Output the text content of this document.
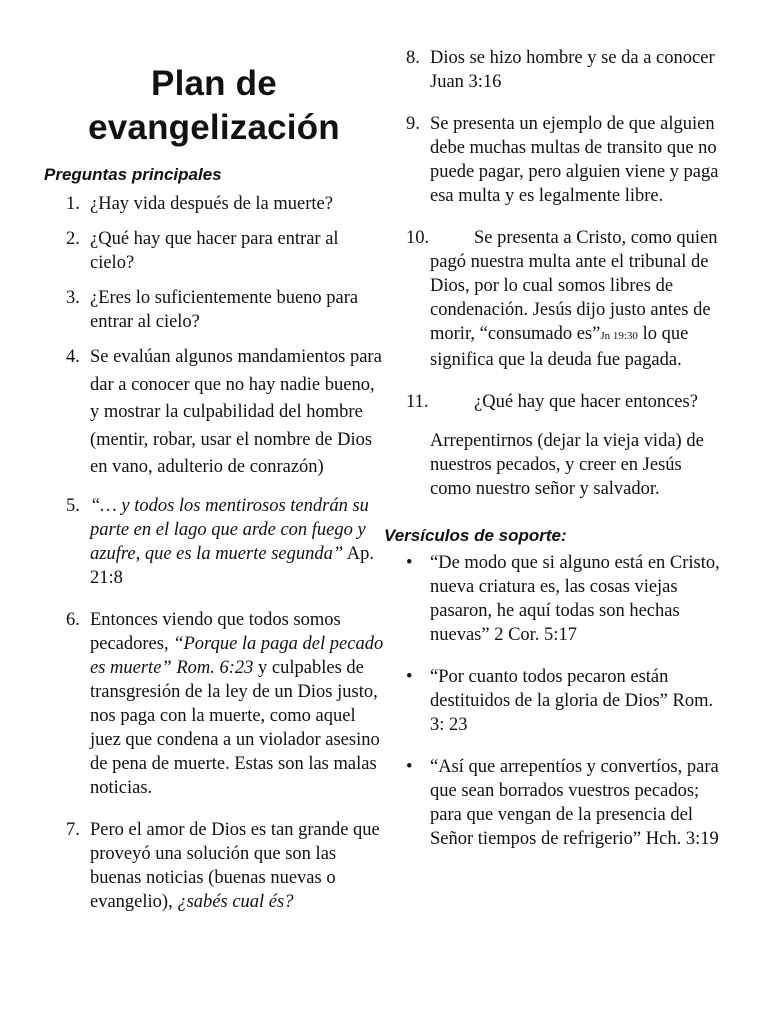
Plan de
evangelización
Preguntas principales
1. ¿Hay vida después de la muerte?
2. ¿Qué hay que hacer para entrar al cielo?
3. ¿Eres lo suficientemente bueno para entrar al cielo?
4. Se evalúan algunos mandamientos para dar a conocer que no hay nadie bueno, y mostrar la culpabilidad del hombre (mentir, robar, usar el nombre de Dios en vano, adulterio de conrazón)
5. “… y todos los mentirosos tendrán su parte en el lago que arde con fuego y azufre, que es la muerte segunda” Ap. 21:8
6. Entonces viendo que todos somos pecadores, “Porque la paga del pecado es muerte” Rom. 6:23 y culpables de transgresión de la ley de un Dios justo, nos paga con la muerte, como aquel juez que condena a un violador asesino de pena de muerte. Estas son las malas noticias.
7. Pero el amor de Dios es tan grande que proveyó una solución que son las buenas noticias (buenas nuevas o evangelio), ¿sabés cual és?
8. Dios se hizo hombre y se da a conocer Juan 3:16
9. Se presenta un ejemplo de que alguien debe muchas multas de transito que no puede pagar, pero alguien viene y paga esa multa y es legalmente libre.
10. Se presenta a Cristo, como quien pagó nuestra multa ante el tribunal de Dios, por lo cual somos libres de condenación. Jesús dijo justo antes de morir, “consumado es”Jn 19:30 lo que significa que la deuda fue pagada.
11. ¿Qué hay que hacer entonces?
Arrepentirnos (dejar la vieja vida) de nuestros pecados, y creer en Jesús como nuestro señor y salvador.
Versículos de soporte:
• “De modo que si alguno está en Cristo, nueva criatura es, las cosas viejas pasaron, he aquí todas son hechas nuevas” 2 Cor. 5:17
• “Por cuanto todos pecaron están destituidos de la gloria de Dios” Rom. 3: 23
• “Así que arrepentíos y convertíos, para que sean borrados vuestros pecados; para que vengan de la presencia del Señor tiempos de refrigerio” Hch. 3:19
